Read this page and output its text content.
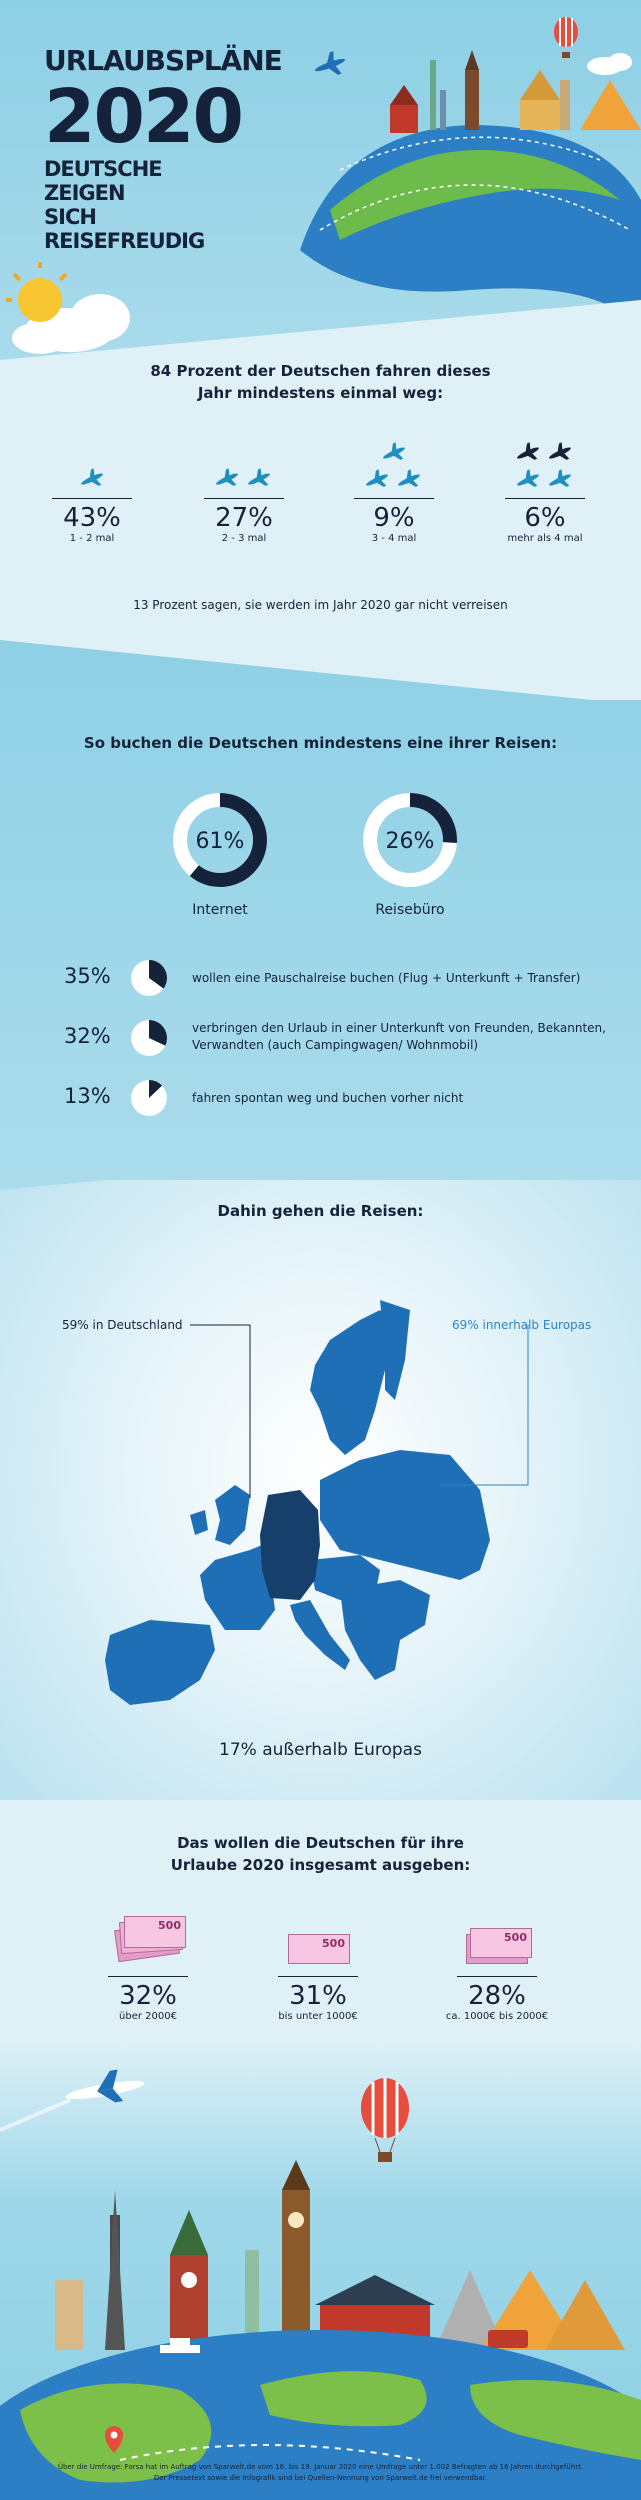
URLAUBSPLÄNE
2020
DEUTSCHE ZEIGEN
SICH REISEFREUDIG
84 Prozent der Deutschen fahren dieses
Jahr mindestens einmal weg:
43%
1 - 2 mal
27%
2 - 3 mal
9%
3 - 4 mal
6%
mehr als 4 mal
13 Prozent sagen, sie werden im Jahr 2020 gar nicht verreisen
So buchen die Deutschen mindestens eine ihrer Reisen:
61%
Internet
26%
Reisebüro
35%	wollen eine Pauschalreise buchen (Flug + Unterkunft + Transfer)
32%	verbringen den Urlaub in einer Unterkunft von Freunden, Bekannten,
Verwandten (auch Campingwagen/ Wohnmobil)
13%	fahren spontan weg und buchen vorher nicht
Dahin gehen die Reisen:
59% in Deutschland	69% innerhalb Europas
17% außerhalb Europas
Das wollen die Deutschen für ihre
Urlaube 2020 insgesamt ausgeben:
500
32%
über 2000€
500
31%
bis unter 1000€
500
28%
ca. 1000€ bis 2000€
Über die Umfrage: Forsa hat im Auftrag von Sparwelt.de vom 16. bis 19. Januar 2020 eine Umfrage unter 1.002 Befragten ab 16 Jahren durchgeführt.
Der Pressetext sowie die Infografik sind bei Quellen-Nennung von Sparwelt.de frei verwendbar.
